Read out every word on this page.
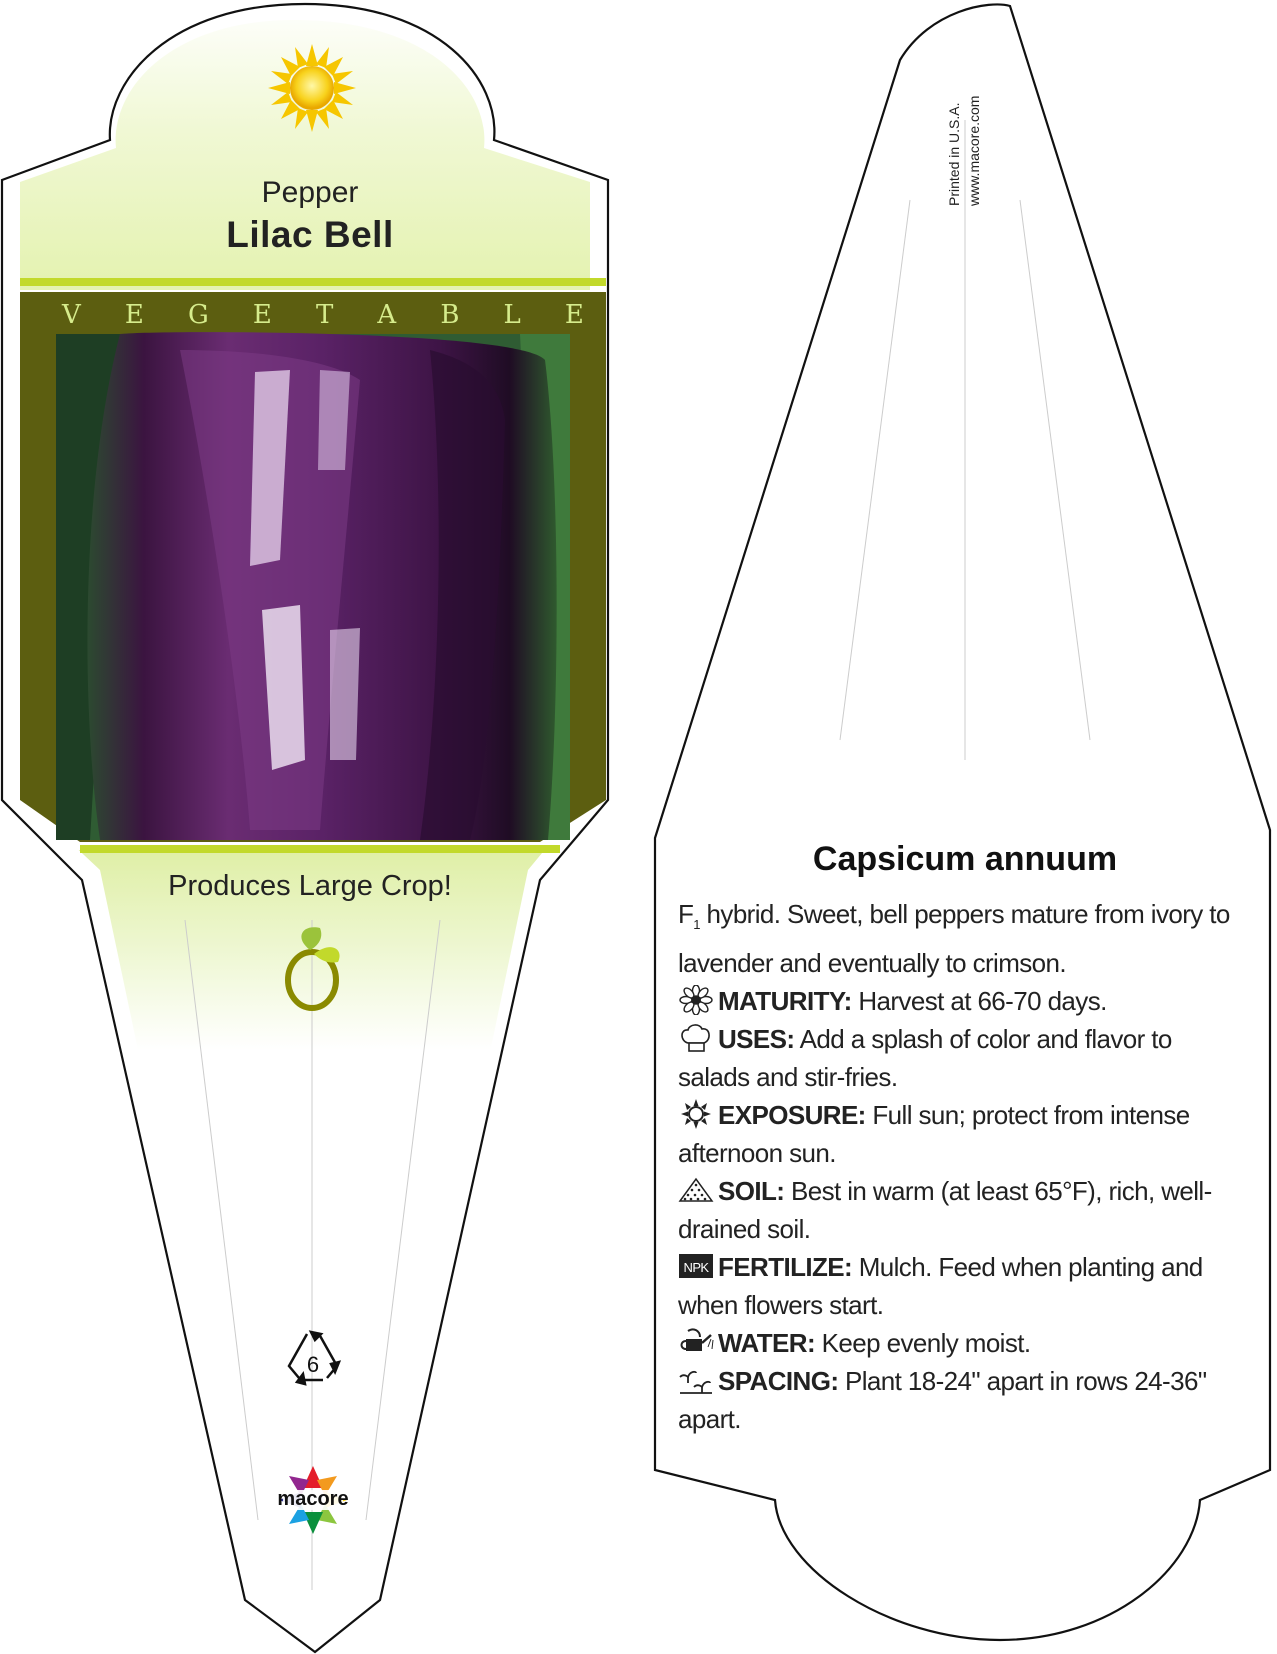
Pepper
Lilac Bell
V E G E T A B L E
Produces Large Crop!
6
macore
Printed in U.S.A. www.macore.com
Capsicum annuum

$F_1$ hybrid. Sweet, bell peppers mature from ivory to lavender and eventually to crimson.

MATURITY: Harvest at 66-70 days.

USES: Add a splash of color and flavor to salads and stir-fries.

EXPOSURE: Full sun; protect from intense afternoon sun.

SOIL: Best in warm (at least 65°F), rich, well-drained soil.

NPK FERTILIZE: Mulch. Feed when planting and when flowers start.

WATER: Keep evenly moist.

SPACING: Plant 18-24" apart in rows 24-36" apart.
